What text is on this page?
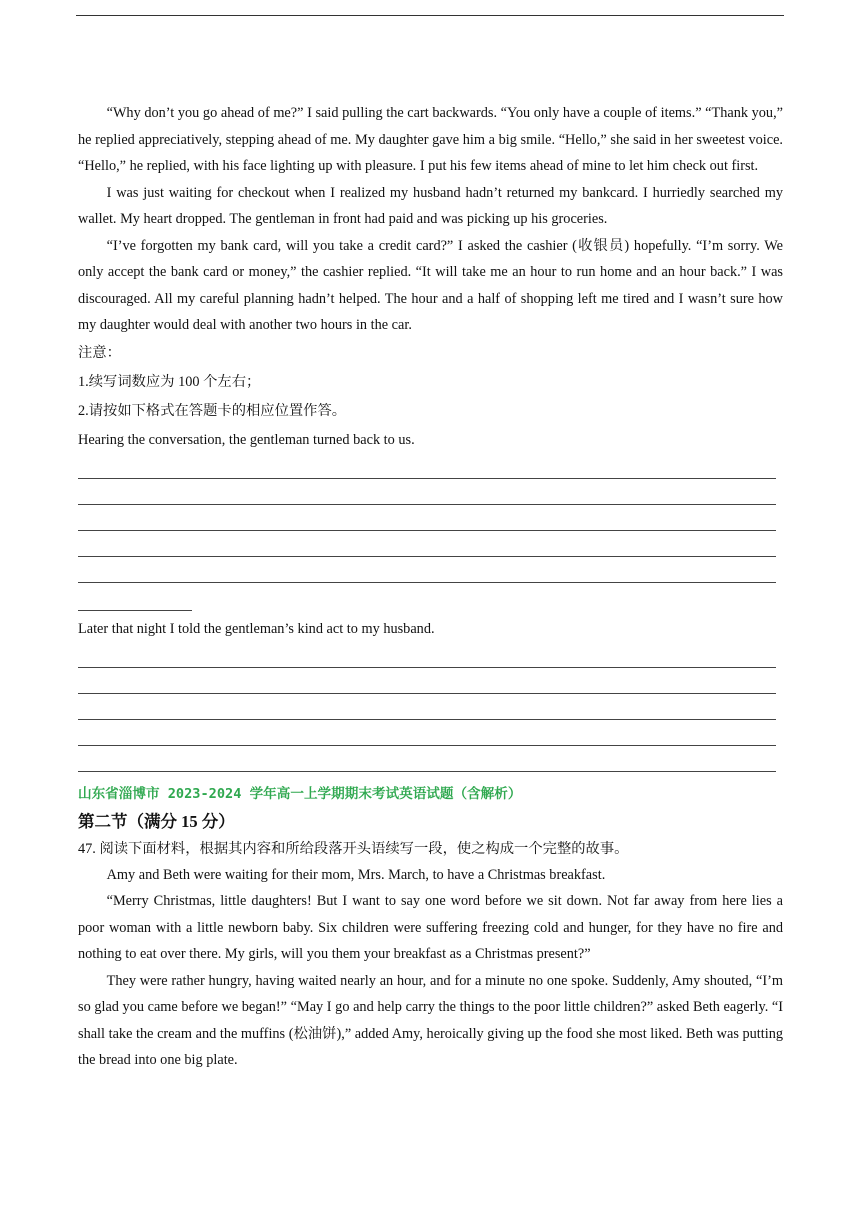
“Why don’t you go ahead of me?” I said pulling the cart backwards. “You only have a couple of items.” “Thank you,” he replied appreciatively, stepping ahead of me. My daughter gave him a big smile. “Hello,” she said in her sweetest voice. “Hello,” he replied, with his face lighting up with pleasure. I put his few items ahead of mine to let him check out first.

I was just waiting for checkout when I realized my husband hadn’t returned my bankcard. I hurriedly searched my wallet. My heart dropped. The gentleman in front had paid and was picking up his groceries.

“I’ve forgotten my bank card, will you take a credit card?” I asked the cashier (收银员) hopefully. “I’m sorry. We only accept the bank card or money,” the cashier replied. “It will take me an hour to run home and an hour back.” I was discouraged. All my careful planning hadn’t helped. The hour and a half of shopping left me tired and I wasn’t sure how my daughter would deal with another two hours in the car.

注意：

1.续写词数应为 100 个左右；

2.请按如下格式在答题卡的相应位置作答。

Hearing the conversation, the gentleman turned back to us.

Later that night I told the gentleman’s kind act to my husband.

山东省淄博市 2023-2024 学年高一上学期期末考试英语试题（含解析）

第二节（满分 15 分）

47. 阅读下面材料，根据其内容和所给段落开头语续写一段，使之构成一个完整的故事。

Amy and Beth were waiting for their mom, Mrs. March, to have a Christmas breakfast.

“Merry Christmas, little daughters! But I want to say one word before we sit down. Not far away from here lies a poor woman with a little newborn baby. Six children were suffering freezing cold and hunger, for they have no fire and nothing to eat over there. My girls, will you them your breakfast as a Christmas present?”

They were rather hungry, having waited nearly an hour, and for a minute no one spoke. Suddenly, Amy shouted, “I’m so glad you came before we began!” “May I go and help carry the things to the poor little children?” asked Beth eagerly. “I shall take the cream and the muffins (松油饼),” added Amy, heroically giving up the food she most liked. Beth was putting the bread into one big plate.
